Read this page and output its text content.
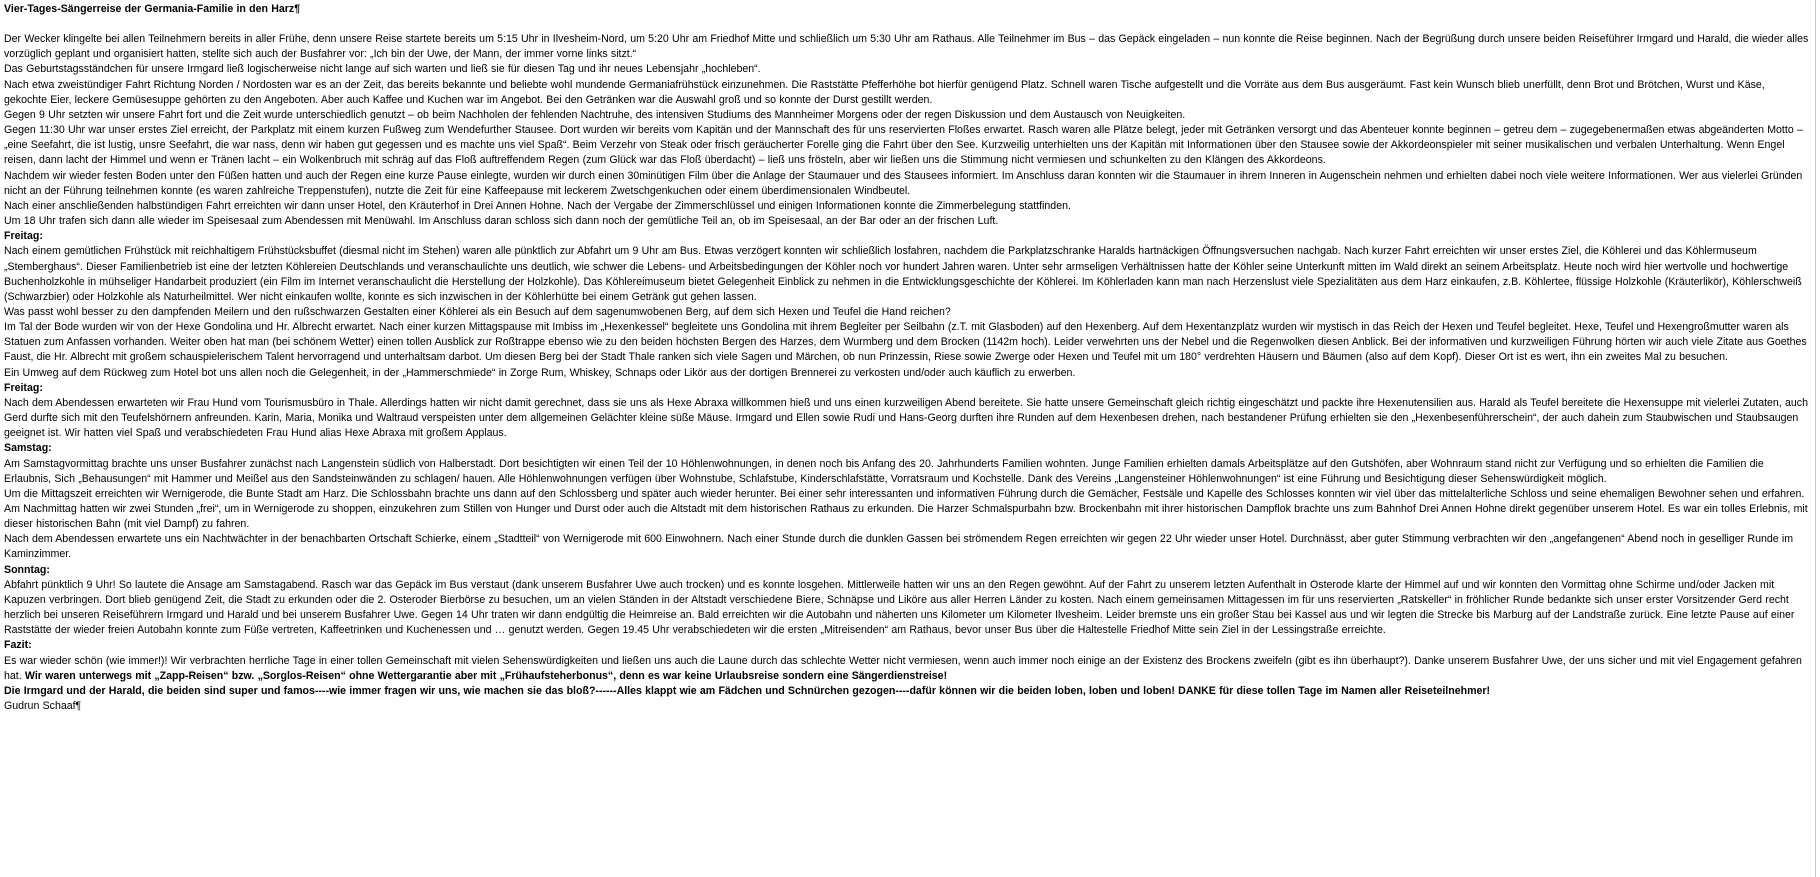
Vier-Tages-Sängerreise der Germania-Familie in den Harz¶

Der Wecker klingelte bei allen Teilnehmern bereits in aller Frühe, denn unsere Reise startete bereits um 5:15 Uhr in Ilvesheim-Nord, um 5:20 Uhr am Friedhof Mitte und schließlich um 5:30 Uhr am Rathaus. Alle Teilnehmer im Bus – das Gepäck eingeladen – nun konnte die Reise beginnen. Nach der Begrüßung durch unsere beiden Reiseführer Irmgard und Harald, die wieder alles vorzüglich geplant und organisiert hatten, stellte sich auch der Busfahrer vor: „Ich bin der Uwe, der Mann, der immer vorne links sitzt.“

Das Geburtstagsständchen für unsere Irmgard ließ logischerweise nicht lange auf sich warten und ließ sie für diesen Tag und ihr neues Lebensjahr „hochleben“.

Nach etwa zweistündiger Fahrt Richtung Norden / Nordosten war es an der Zeit, das bereits bekannte und beliebte wohl mundende Germaniafrühstück einzunehmen. Die Raststätte Pfefferhöhe bot hierfür genügend Platz. Schnell waren Tische aufgestellt und die Vorräte aus dem Bus ausgeräumt. Fast kein Wunsch blieb unerfüllt, denn Brot und Brötchen, Wurst und Käse, gekochte Eier, leckere Gemüsesuppe gehörten zu den Angeboten. Aber auch Kaffee und Kuchen war im Angebot. Bei den Getränken war die Auswahl groß und so konnte der Durst gestillt werden.

Gegen 9 Uhr setzten wir unsere Fahrt fort und die Zeit wurde unterschiedlich genutzt – ob beim Nachholen der fehlenden Nachtruhe, des intensiven Studiums des Mannheimer Morgens oder der regen Diskussion und dem Austausch von Neuigkeiten.

Gegen 11:30 Uhr war unser erstes Ziel erreicht, der Parkplatz mit einem kurzen Fußweg zum Wendefurther Stausee. Dort wurden wir bereits vom Kapitän und der Mannschaft des für uns reservierten Floßes erwartet. Rasch waren alle Plätze belegt, jeder mit Getränken versorgt und das Abenteuer konnte beginnen – getreu dem – zugegebenermaßen etwas abgeänderten Motto – „eine Seefahrt, die ist lustig, unsre Seefahrt, die war nass, denn wir haben gut gegessen und es machte uns viel Spaß“. Beim Verzehr von Steak oder frisch geräucherter Forelle ging die Fahrt über den See. Kurzweilig unterhielten uns der Kapitän mit Informationen über den Stausee sowie der Akkordeonspieler mit seiner musikalischen und verbalen Unterhaltung. Wenn Engel reisen, dann lacht der Himmel und wenn er Tränen lacht – ein Wolkenbruch mit schräg auf das Floß auftreffendem Regen (zum Glück war das Floß überdacht) – ließ uns frösteln, aber wir ließen uns die Stimmung nicht vermiesen und schunkelten zu den Klängen des Akkordeons.

Nachdem wir wieder festen Boden unter den Füßen hatten und auch der Regen eine kurze Pause einlegte, wurden wir durch einen 30minütigen Film über die Anlage der Staumauer und des Stausees informiert. Im Anschluss daran konnten wir die Staumauer in ihrem Inneren in Augenschein nehmen und erhielten dabei noch viele weitere Informationen. Wer aus vielerlei Gründen nicht an der Führung teilnehmen konnte (es waren zahlreiche Treppenstufen), nutzte die Zeit für eine Kaffeepause mit leckerem Zwetschgenkuchen oder einem überdimensionalen Windbeutel.

Nach einer anschließenden halbstündigen Fahrt erreichten wir dann unser Hotel, den Kräuterhof in Drei Annen Hohne. Nach der Vergabe der Zimmerschlüssel und einigen Informationen konnte die Zimmerbelegung stattfinden.

Um 18 Uhr trafen sich dann alle wieder im Speisesaal zum Abendessen mit Menüwahl. Im Anschluss daran schloss sich dann noch der gemütliche Teil an, ob im Speisesaal, an der Bar oder an der frischen Luft.

Freitag:

Nach einem gemütlichen Frühstück mit reichhaltigem Frühstücksbuffet (diesmal nicht im Stehen) waren alle pünktlich zur Abfahrt um 9 Uhr am Bus. Etwas verzögert konnten wir schließlich losfahren, nachdem die Parkplatzschranke Haralds hartnäckigen Öffnungsversuchen nachgab. Nach kurzer Fahrt erreichten wir unser erstes Ziel, die Köhlerei und das Köhlermuseum „Stemberghaus“. Dieser Familienbetrieb ist eine der letzten Köhlereien Deutschlands und veranschaulichte uns deutlich, wie schwer die Lebens- und Arbeitsbedingungen der Köhler noch vor hundert Jahren waren. Unter sehr armseligen Verhältnissen hatte der Köhler seine Unterkunft mitten im Wald direkt an seinem Arbeitsplatz. Heute noch wird hier wertvolle und hochwertige Buchenholzkohle in mühseliger Handarbeit produziert (ein Film im Internet veranschaulicht die Herstellung der Holzkohle). Das Köhlereimuseum bietet Gelegenheit Einblick zu nehmen in die Entwicklungsgeschichte der Köhlerei. Im Köhlerladen kann man nach Herzenslust viele Spezialitäten aus dem Harz einkaufen, z.B. Köhlertee, flüssige Holzkohle (Kräuterlikör), Köhlerschweiß (Schwarzbier) oder Holzkohle als Naturheilmittel. Wer nicht einkaufen wollte, konnte es sich inzwischen in der Köhlerhütte bei einem Getränk gut gehen lassen.

Was passt wohl besser zu den dampfenden Meilern und den rußschwarzen Gestalten einer Köhlerei als ein Besuch auf dem sagenumwobenen Berg, auf dem sich Hexen und Teufel die Hand reichen?

Im Tal der Bode wurden wir von der Hexe Gondolina und Hr. Albrecht erwartet. Nach einer kurzen Mittagspause mit Imbiss im „Hexenkessel“ begleitete uns Gondolina mit ihrem Begleiter per Seilbahn (z.T. mit Glasboden) auf den Hexenberg. Auf dem Hexentanzplatz wurden wir mystisch in das Reich der Hexen und Teufel begleitet. Hexe, Teufel und Hexengroßmutter waren als Statuen zum Anfassen vorhanden. Weiter oben hat man (bei schönem Wetter) einen tollen Ausblick zur Roßtrappe ebenso wie zu den beiden höchsten Bergen des Harzes, dem Wurmberg und dem Brocken (1142m hoch). Leider verwehrten uns der Nebel und die Regenwolken diesen Anblick. Bei der informativen und kurzweiligen Führung hörten wir auch viele Zitate aus Goethes Faust, die Hr. Albrecht mit großem schauspielerischem Talent hervorragend und unterhaltsam darbot. Um diesen Berg bei der Stadt Thale ranken sich viele Sagen und Märchen, ob nun Prinzessin, Riese sowie Zwerge oder Hexen und Teufel mit um 180° verdrehten Häusern und Bäumen (also auf dem Kopf). Dieser Ort ist es wert, ihn ein zweites Mal zu besuchen.

Ein Umweg auf dem Rückweg zum Hotel bot uns allen noch die Gelegenheit, in der „Hammerschmiede“ in Zorge Rum, Whiskey, Schnaps oder Likör aus der dortigen Brennerei zu verkosten und/oder auch käuflich zu erwerben.

Freitag:

Nach dem Abendessen erwarteten wir Frau Hund vom Tourismusbüro in Thale. Allerdings hatten wir nicht damit gerechnet, dass sie uns als Hexe Abraxa willkommen hieß und uns einen kurzweiligen Abend bereitete. Sie hatte unsere Gemeinschaft gleich richtig eingeschätzt und packte ihre Hexenutensilien aus. Harald als Teufel bereitete die Hexensuppe mit vielerlei Zutaten, auch Gerd durfte sich mit den Teufelshörnern anfreunden. Karin, Maria, Monika und Waltraud verspeisten unter dem allgemeinen Gelächter kleine süße Mäuse. Irmgard und Ellen sowie Rudi und Hans-Georg durften ihre Runden auf dem Hexenbesen drehen, nach bestandener Prüfung erhielten sie den „Hexenbesenführerschein“, der auch dahein zum Staubwischen und Staubsaugen geeignet ist. Wir hatten viel Spaß und verabschiedeten Frau Hund alias Hexe Abraxa mit großem Applaus.

Samstag:

Am Samstagvormittag brachte uns unser Busfahrer zunächst nach Langenstein südlich von Halberstadt. Dort besichtigten wir einen Teil der 10 Höhlenwohnungen, in denen noch bis Anfang des 20. Jahrhunderts Familien wohnten. Junge Familien erhielten damals Arbeitsplätze auf den Gutshöfen, aber Wohnraum stand nicht zur Verfügung und so erhielten die Familien die Erlaubnis, Sich „Behausungen“ mit Hammer und Meißel aus den Sandsteinwänden zu schlagen/ hauen. Alle Höhlenwohnungen verfügen über Wohnstube, Schlafstube, Kinderschlafstätte, Vorratsraum und Kochstelle. Dank des Vereins „Langensteiner Höhlenwohnungen“ ist eine Führung und Besichtigung dieser Sehenswürdigkeit möglich.

Um die Mittagszeit erreichten wir Wernigerode, die Bunte Stadt am Harz. Die Schlossbahn brachte uns dann auf den Schlossberg und später auch wieder herunter. Bei einer sehr interessanten und informativen Führung durch die Gemächer, Festsäle und Kapelle des Schlosses konnten wir viel über das mittelalterliche Schloss und seine ehemaligen Bewohner sehen und erfahren. Am Nachmittag hatten wir zwei Stunden „frei“, um in Wernigerode zu shoppen, einzukehren zum Stillen von Hunger und Durst oder auch die Altstadt mit dem historischen Rathaus zu erkunden. Die Harzer Schmalspurbahn bzw. Brockenbahn mit ihrer historischen Dampflok brachte uns zum Bahnhof Drei Annen Hohne direkt gegenüber unserem Hotel. Es war ein tolles Erlebnis, mit dieser historischen Bahn (mit viel Dampf) zu fahren.

Nach dem Abendessen erwartete uns ein Nachtwächter in der benachbarten Ortschaft Schierke, einem „Stadtteil“ von Wernigerode mit 600 Einwohnern. Nach einer Stunde durch die dunklen Gassen bei strömendem Regen erreichten wir gegen 22 Uhr wieder unser Hotel. Durchnässt, aber guter Stimmung verbrachten wir den „angefangenen“ Abend noch in geselliger Runde im Kaminzimmer.

Sonntag:

Abfahrt pünktlich 9 Uhr! So lautete die Ansage am Samstagabend. Rasch war das Gepäck im Bus verstaut (dank unserem Busfahrer Uwe auch trocken) und es konnte losgehen. Mittlerweile hatten wir uns an den Regen gewöhnt. Auf der Fahrt zu unserem letzten Aufenthalt in Osterode klarte der Himmel auf und wir konnten den Vormittag ohne Schirme und/oder Jacken mit Kapuzen verbringen. Dort blieb genügend Zeit, die Stadt zu erkunden oder die 2. Osteroder Bierbörse zu besuchen, um an vielen Ständen in der Altstadt verschiedene Biere, Schnäpse und Liköre aus aller Herren Länder zu kosten. Nach einem gemeinsamen Mittagessen im für uns reservierten „Ratskeller“ in fröhlicher Runde bedankte sich unser erster Vorsitzender Gerd recht herzlich bei unseren Reiseführern Irmgard und Harald und bei unserem Busfahrer Uwe. Gegen 14 Uhr traten wir dann endgültig die Heimreise an. Bald erreichten wir die Autobahn und näherten uns Kilometer um Kilometer Ilvesheim. Leider bremste uns ein großer Stau bei Kassel aus und wir legten die Strecke bis Marburg auf der Landstraße zurück. Eine letzte Pause auf einer Raststätte der wieder freien Autobahn konnte zum Füße vertreten, Kaffeetrinken und Kuchenessen und … genutzt werden. Gegen 19.45 Uhr verabschiedeten wir die ersten „Mitreisenden“ am Rathaus, bevor unser Bus über die Haltestelle Friedhof Mitte sein Ziel in der Lessingstraße erreichte.

Fazit:

Es war wieder schön (wie immer!)! Wir verbrachten herrliche Tage in einer tollen Gemeinschaft mit vielen Sehenswürdigkeiten und ließen uns auch die Laune durch das schlechte Wetter nicht vermiesen, wenn auch immer noch einige an der Existenz des Brockens zweifeln (gibt es ihn überhaupt?). Danke unserem Busfahrer Uwe, der uns sicher und mit viel Engagement gefahren hat. Wir waren unterwegs mit „Zapp-Reisen“ bzw. „Sorglos-Reisen“ ohne Wettergarantie aber mit „Frühaufsteherbonus“, denn es war keine Urlaubsreise sondern eine Sängerdienstreise!

Die Irmgard und der Harald, die beiden sind super und famos----wie immer fragen wir uns, wie machen sie das bloß?------Alles klappt wie am Fädchen und Schnürchen gezogen----dafür können wir die beiden loben, loben und loben! DANKE für diese tollen Tage im Namen aller Reiseteilnehmer!

Gudrun Schaaf¶
